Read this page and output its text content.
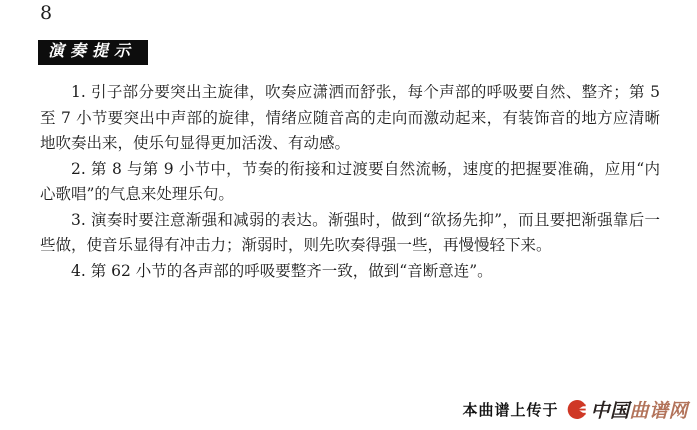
8
演奏提示

1. 引子部分要突出主旋律，吹奏应潇洒而舒张，每个声部的呼吸要自然、整齐；第 5 至 7 小节要突出中声部的旋律，情绪应随音高的走向而激动起来，有装饰音的地方应清晰地吹奏出来，使乐句显得更加活泼、有动感。

2. 第 8 与第 9 小节中，节奏的衔接和过渡要自然流畅，速度的把握要准确，应用“内心歌唱”的气息来处理乐句。

3. 演奏时要注意渐强和减弱的表达。渐强时，做到“欲扬先抑”，而且要把渐强靠后一些做，使音乐显得有冲击力；渐弱时，则先吹奏得强一些，再慢慢轻下来。

4. 第 62 小节的各声部的呼吸要整齐一致，做到“音断意连”。

本曲谱上传于 中国曲谱网
